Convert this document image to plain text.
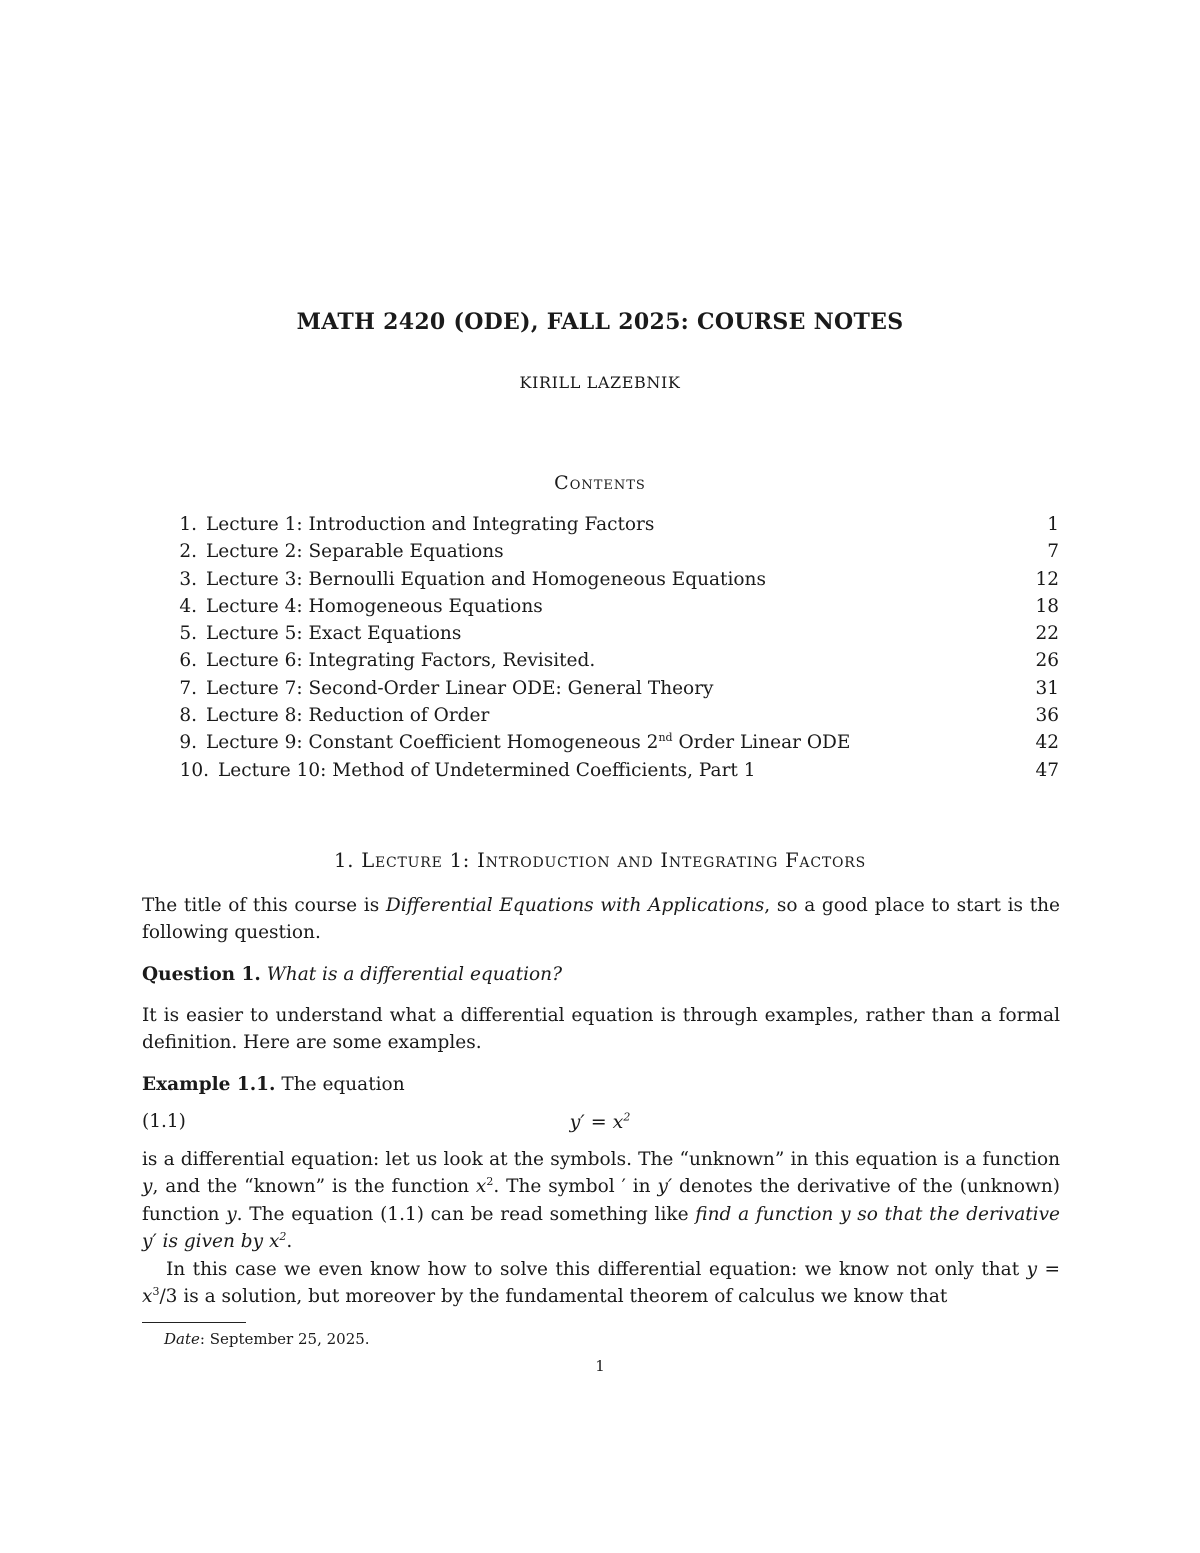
MATH 2420 (ODE), FALL 2025: COURSE NOTES
KIRILL LAZEBNIK
Contents
1. Lecture 1: Introduction and Integrating Factors	1
2. Lecture 2: Separable Equations	7
3. Lecture 3: Bernoulli Equation and Homogeneous Equations	12
4. Lecture 4: Homogeneous Equations	18
5. Lecture 5: Exact Equations	22
6. Lecture 6: Integrating Factors, Revisited.	26
7. Lecture 7: Second-Order Linear ODE: General Theory	31
8. Lecture 8: Reduction of Order	36
9. Lecture 9: Constant Coefficient Homogeneous 2nd Order Linear ODE	42
10. Lecture 10: Method of Undetermined Coefficients, Part 1	47
1. Lecture 1: Introduction and Integrating Factors
The title of this course is Differential Equations with Applications, so a good place to start is the following question.
Question 1. What is a differential equation?
It is easier to understand what a differential equation is through examples, rather than a formal definition. Here are some examples.
Example 1.1. The equation
(1.1)	$y' = x^2$
is a differential equation: let us look at the symbols. The “unknown” in this equation is a function y, and the “known” is the function $x^2$. The symbol ′ in y′ denotes the derivative of the (unknown) function y. The equation (1.1) can be read something like find a function y so that the derivative y′ is given by $x^2$.
In this case we even know how to solve this differential equation: we know not only that $y = x^3/3$ is a solution, but moreover by the fundamental theorem of calculus we know that
Date: September 25, 2025.
1
